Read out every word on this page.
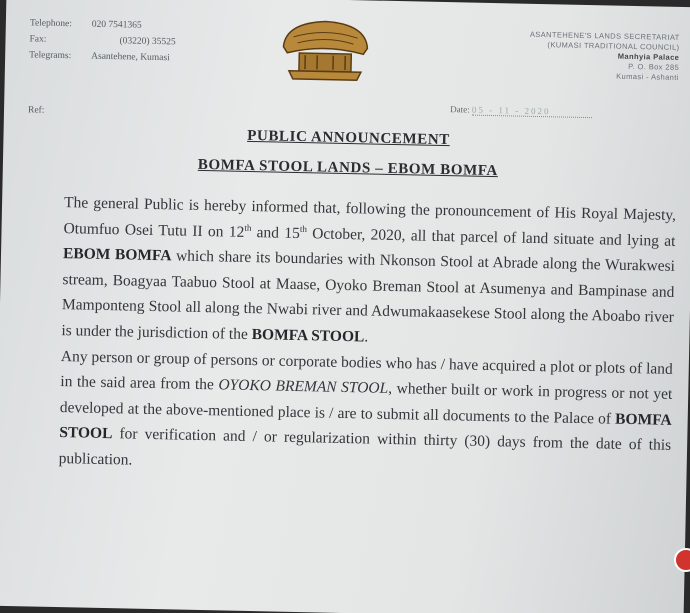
Telephone:	020 7541365
Fax:	(03220) 35525
Telegrams:	Asantehene, Kumasi
Ref:
ASANTEHENE'S LANDS SECRETARIAT
(KUMASI TRADITIONAL COUNCIL)
Manhyia Palace
P. O. Box 285
Kumasi - Ashanti
Date: 05 - 11 - 2020
PUBLIC ANNOUNCEMENT
BOMFA STOOL LANDS – EBOM BOMFA

The general Public is hereby informed that, following the pronouncement of His Royal Majesty, Otumfuo Osei Tutu II on 12th and 15th October, 2020, all that parcel of land situate and lying at EBOM BOMFA which share its boundaries with Nkonson Stool at Abrade along the Wurakwesi stream, Boagyaa Taabuo Stool at Maase, Oyoko Breman Stool at Asumenya and Bampinase and Mamponteng Stool all along the Nwabi river and Adwumakaasekese Stool along the Aboabo river is under the jurisdiction of the BOMFA STOOL.

Any person or group of persons or corporate bodies who has / have acquired a plot or plots of land in the said area from the OYOKO BREMAN STOOL, whether built or work in progress or not yet developed at the above-mentioned place is / are to submit all documents to the Palace of BOMFA STOOL for verification and / or regularization within thirty (30) days from the date of this publication.
